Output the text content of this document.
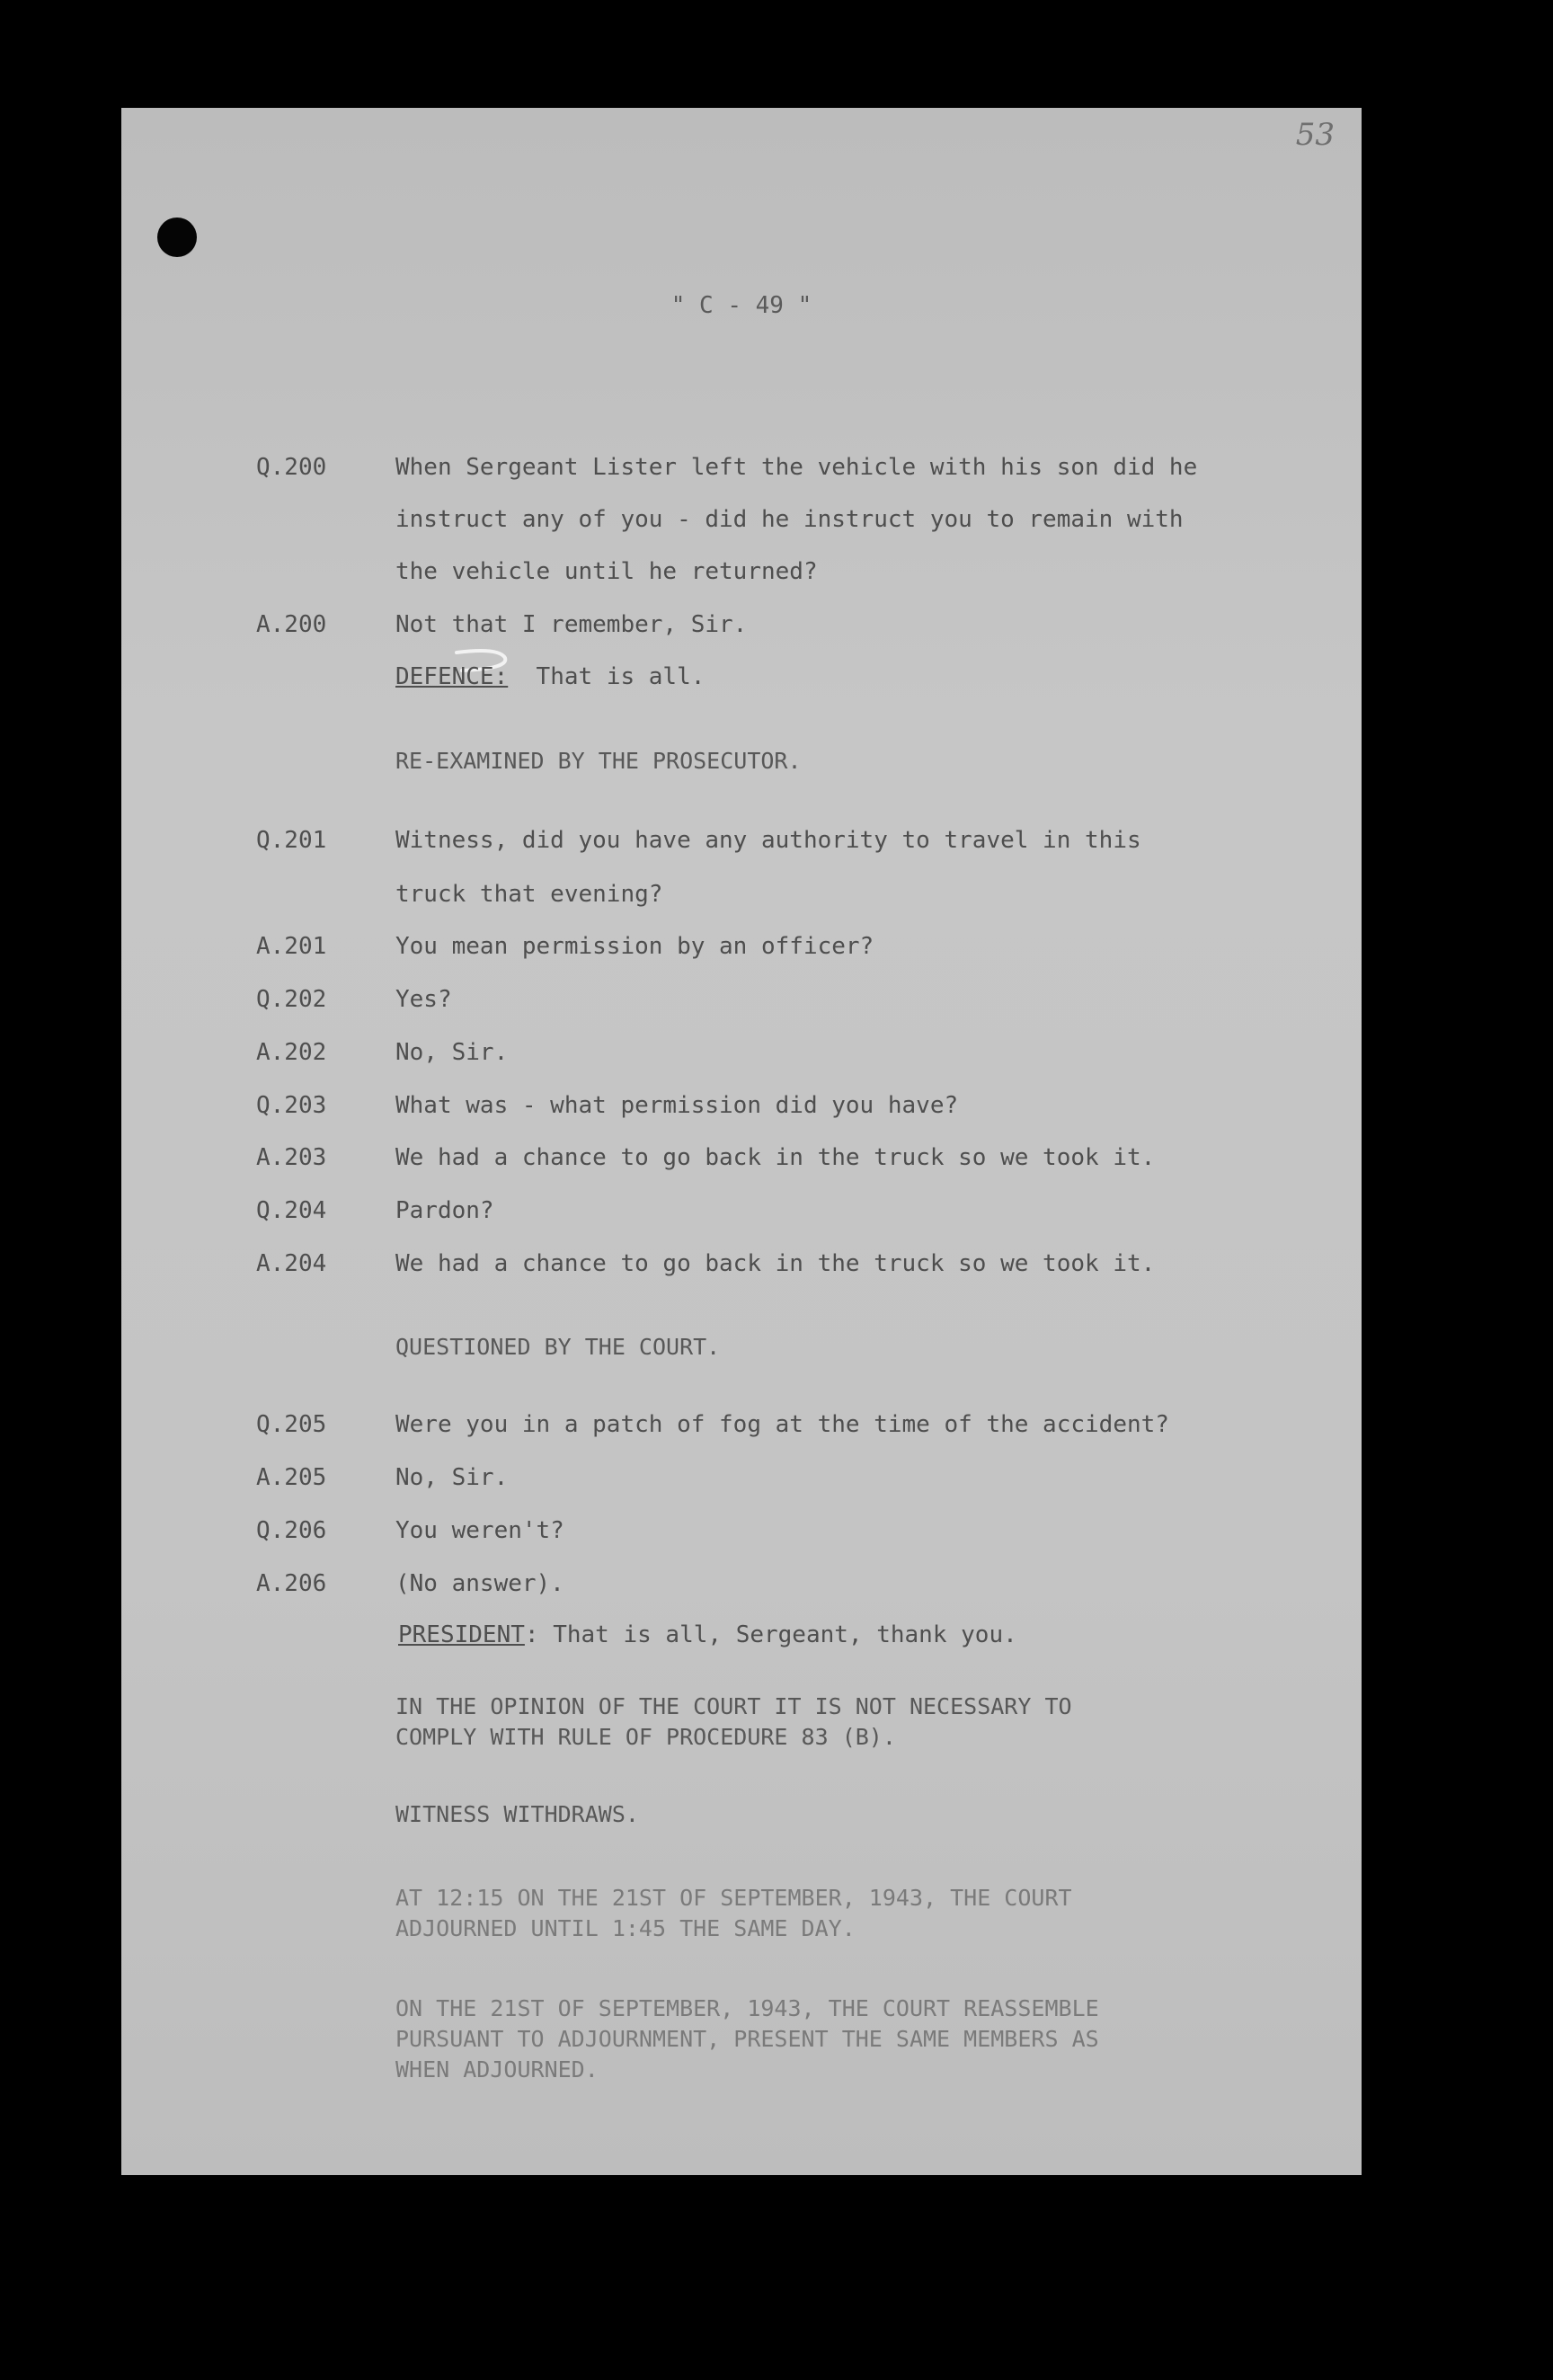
53
" C - 49 "
Q.200	When Sergeant Lister left the vehicle with his son did he
instruct any of you - did he instruct you to remain with
the vehicle until he returned?
A.200	Not that I remember, Sir.
DEFENCE: That is all.
RE-EXAMINED BY THE PROSECUTOR.
Q.201	Witness, did you have any authority to travel in this
truck that evening?
A.201	You mean permission by an officer?
Q.202	Yes?
A.202	No, Sir.
Q.203	What was - what permission did you have?
A.203	We had a chance to go back in the truck so we took it.
Q.204	Pardon?
A.204	We had a chance to go back in the truck so we took it.
QUESTIONED BY THE COURT.
Q.205	Were you in a patch of fog at the time of the accident?
A.205	No, Sir.
Q.206	You weren't?
A.206	(No answer).
PRESIDENT: That is all, Sergeant, thank you.
IN THE OPINION OF THE COURT IT IS NOT NECESSARY TO
COMPLY WITH RULE OF PROCEDURE 83 (B).
WITNESS WITHDRAWS.
AT 12:15 ON THE 21ST OF SEPTEMBER, 1943, THE COURT
ADJOURNED UNTIL 1:45 THE SAME DAY.
ON THE 21ST OF SEPTEMBER, 1943, THE COURT REASSEMBLE
PURSUANT TO ADJOURNMENT, PRESENT THE SAME MEMBERS AS
WHEN ADJOURNED.
